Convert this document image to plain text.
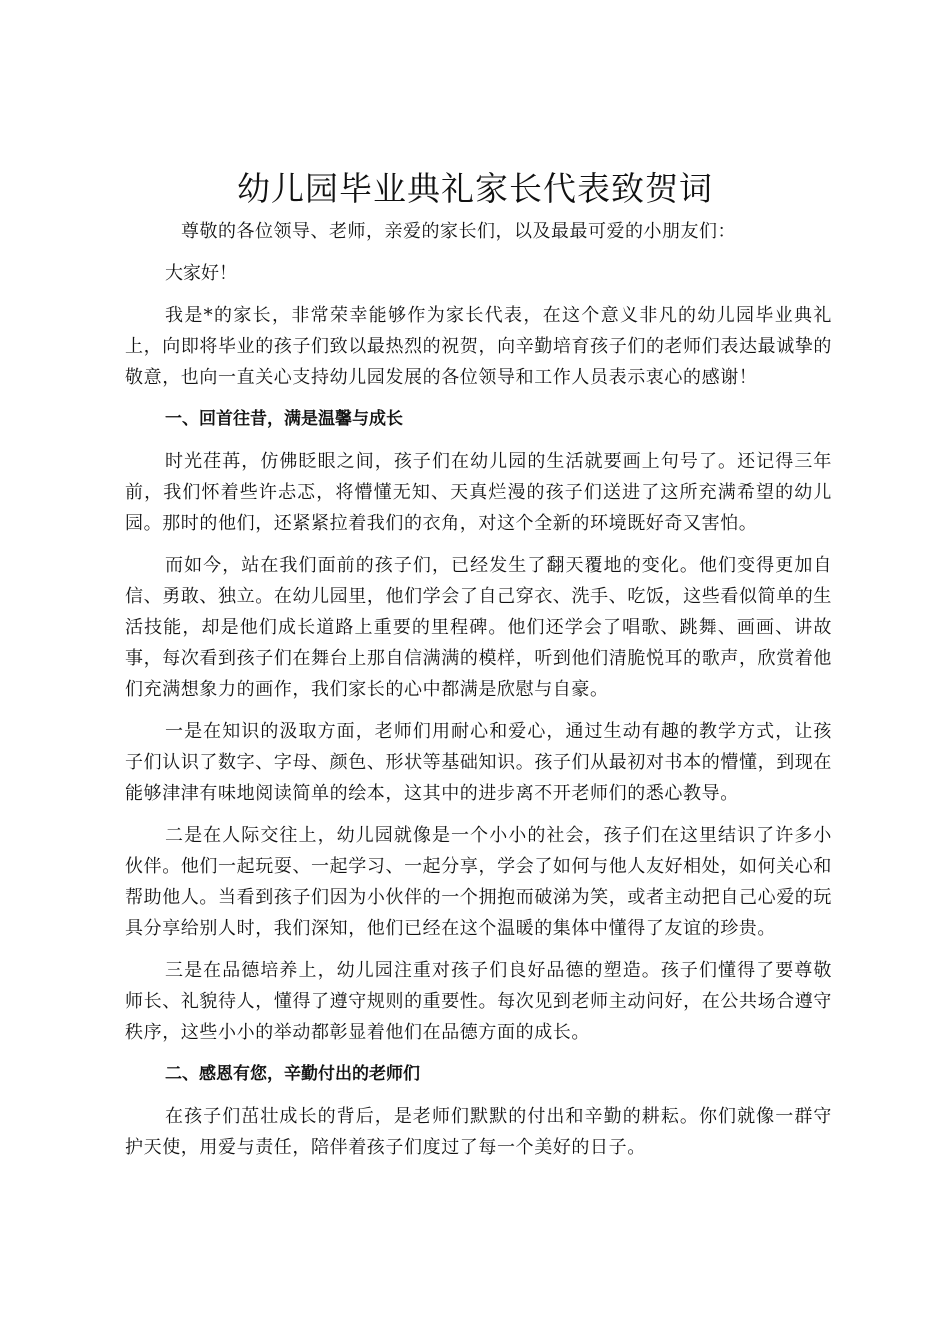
幼儿园毕业典礼家长代表致贺词

尊敬的各位领导、老师，亲爱的家长们，以及最最可爱的小朋友们：

大家好！

我是*的家长，非常荣幸能够作为家长代表，在这个意义非凡的幼儿园毕业典礼上，向即将毕业的孩子们致以最热烈的祝贺，向辛勤培育孩子们的老师们表达最诚挚的敬意，也向一直关心支持幼儿园发展的各位领导和工作人员表示衷心的感谢！

一、回首往昔，满是温馨与成长

时光荏苒，仿佛眨眼之间，孩子们在幼儿园的生活就要画上句号了。还记得三年前，我们怀着些许忐忑，将懵懂无知、天真烂漫的孩子们送进了这所充满希望的幼儿园。那时的他们，还紧紧拉着我们的衣角，对这个全新的环境既好奇又害怕。

而如今，站在我们面前的孩子们，已经发生了翻天覆地的变化。他们变得更加自信、勇敢、独立。在幼儿园里，他们学会了自己穿衣、洗手、吃饭，这些看似简单的生活技能，却是他们成长道路上重要的里程碑。他们还学会了唱歌、跳舞、画画、讲故事，每次看到孩子们在舞台上那自信满满的模样，听到他们清脆悦耳的歌声，欣赏着他们充满想象力的画作，我们家长的心中都满是欣慰与自豪。

一是在知识的汲取方面，老师们用耐心和爱心，通过生动有趣的教学方式，让孩子们认识了数字、字母、颜色、形状等基础知识。孩子们从最初对书本的懵懂，到现在能够津津有味地阅读简单的绘本，这其中的进步离不开老师们的悉心教导。

二是在人际交往上，幼儿园就像是一个小小的社会，孩子们在这里结识了许多小伙伴。他们一起玩耍、一起学习、一起分享，学会了如何与他人友好相处，如何关心和帮助他人。当看到孩子们因为小伙伴的一个拥抱而破涕为笑，或者主动把自己心爱的玩具分享给别人时，我们深知，他们已经在这个温暖的集体中懂得了友谊的珍贵。

三是在品德培养上，幼儿园注重对孩子们良好品德的塑造。孩子们懂得了要尊敬师长、礼貌待人，懂得了遵守规则的重要性。每次见到老师主动问好，在公共场合遵守秩序，这些小小的举动都彰显着他们在品德方面的成长。

二、感恩有您，辛勤付出的老师们

在孩子们茁壮成长的背后，是老师们默默的付出和辛勤的耕耘。你们就像一群守护天使，用爱与责任，陪伴着孩子们度过了每一个美好的日子。
